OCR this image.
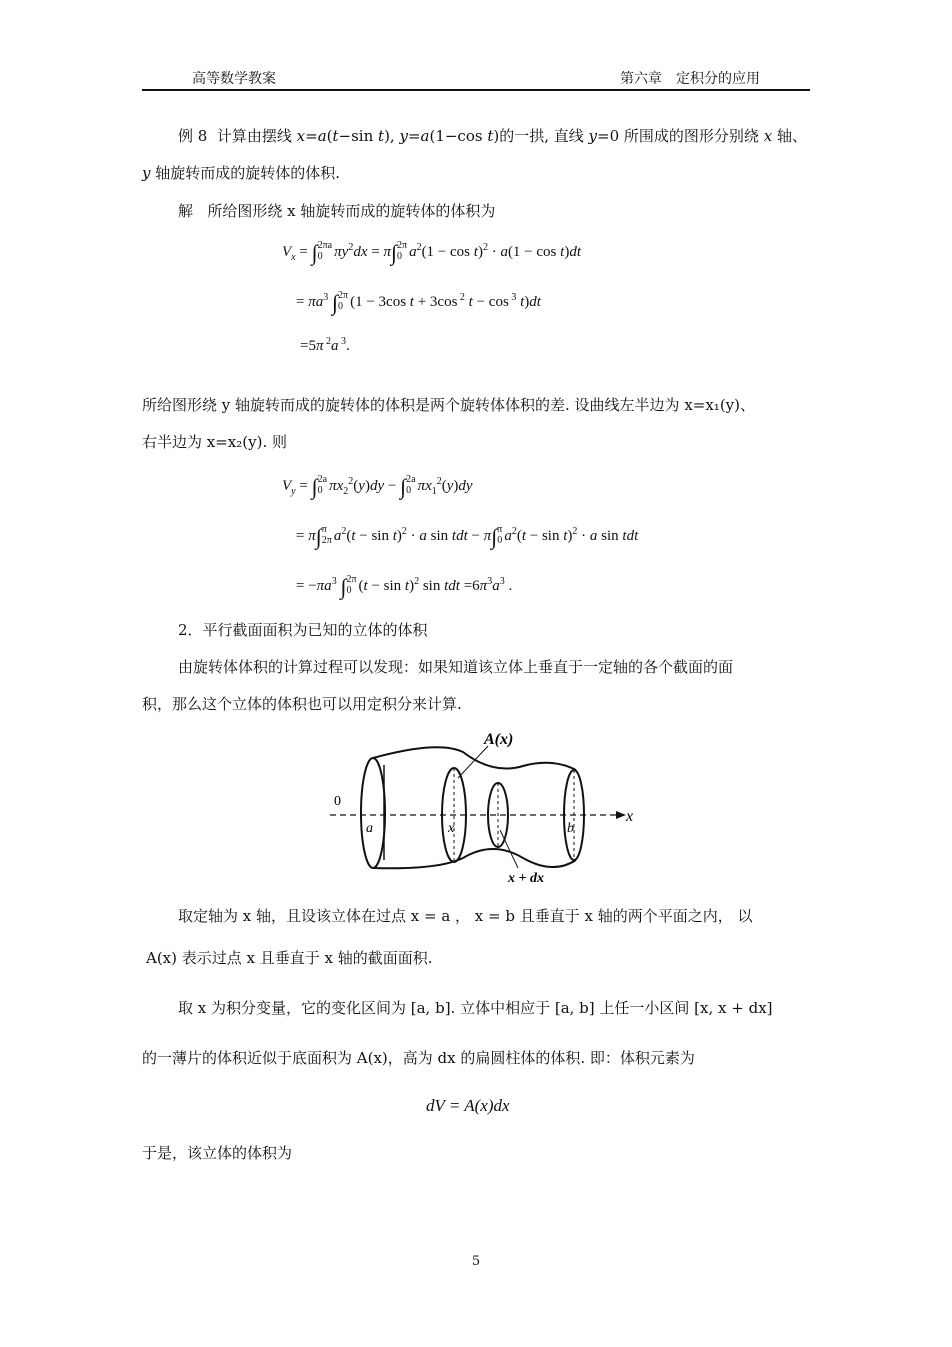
高等数学教案	第六章　定积分的应用
例 8 计算由摆线 x=a(t−sin t), y=a(1−cos t)的一拱, 直线 y=0 所围成的图形分别绕 x 轴、
y 轴旋转而成的旋转体的体积.
解 所给图形绕 x 轴旋转而成的旋转体的体积为
$V_x$ = ∫ 2πa
0 $\pi y^2dx = \pi\int$ 2π
0 $a^2(1 - \cos t)^2 \cdot a(1 - \cos t)dt$
= $\pi a^3$ ∫ 2π
0 (1 − 3cos t + 3cos $^2$ t − cos $^3$ t)dt
=5π $^2$a $^3$.
所给图形绕 y 轴旋转而成的旋转体的体积是两个旋转体体积的差. 设曲线左半边为 x=x₁(y)、
右半边为 x=x₂(y). 则
$V_y$ = ∫ 2a
0 $\pi x_2^2(y)dy$ − ∫ 2a
0 $\pi x_1^2(y)dy$
= π∫ π
2π $a^2(t - \sin t)^2 \cdot a$ sin tdt − π∫ π
0 $a^2(t - \sin t)^2 \cdot a$ sin tdt
= $-\pi a^3$ ∫ 2π
0 $(t - \sin t)^2$ sin tdt $=6\pi^3a^3$ .
2．平行截面面积为已知的立体的体积
由旋转体体积的计算过程可以发现：如果知道该立体上垂直于一定轴的各个截面的面
积，那么这个立体的体积也可以用定积分来计算.
A(x)
0
a	x	b
x
x + dx
取定轴为 x 轴，且设该立体在过点 x = a ， x = b 且垂直于 x 轴的两个平面之内， 以
A(x) 表示过点 x 且垂直于 x 轴的截面面积.
取 x 为积分变量，它的变化区间为 [a, b]. 立体中相应于 [a, b] 上任一小区间 [x, x + dx]
的一薄片的体积近似于底面积为 A(x)，高为 dx 的扁圆柱体的体积. 即：体积元素为
dV = A(x)dx
于是，该立体的体积为
5
